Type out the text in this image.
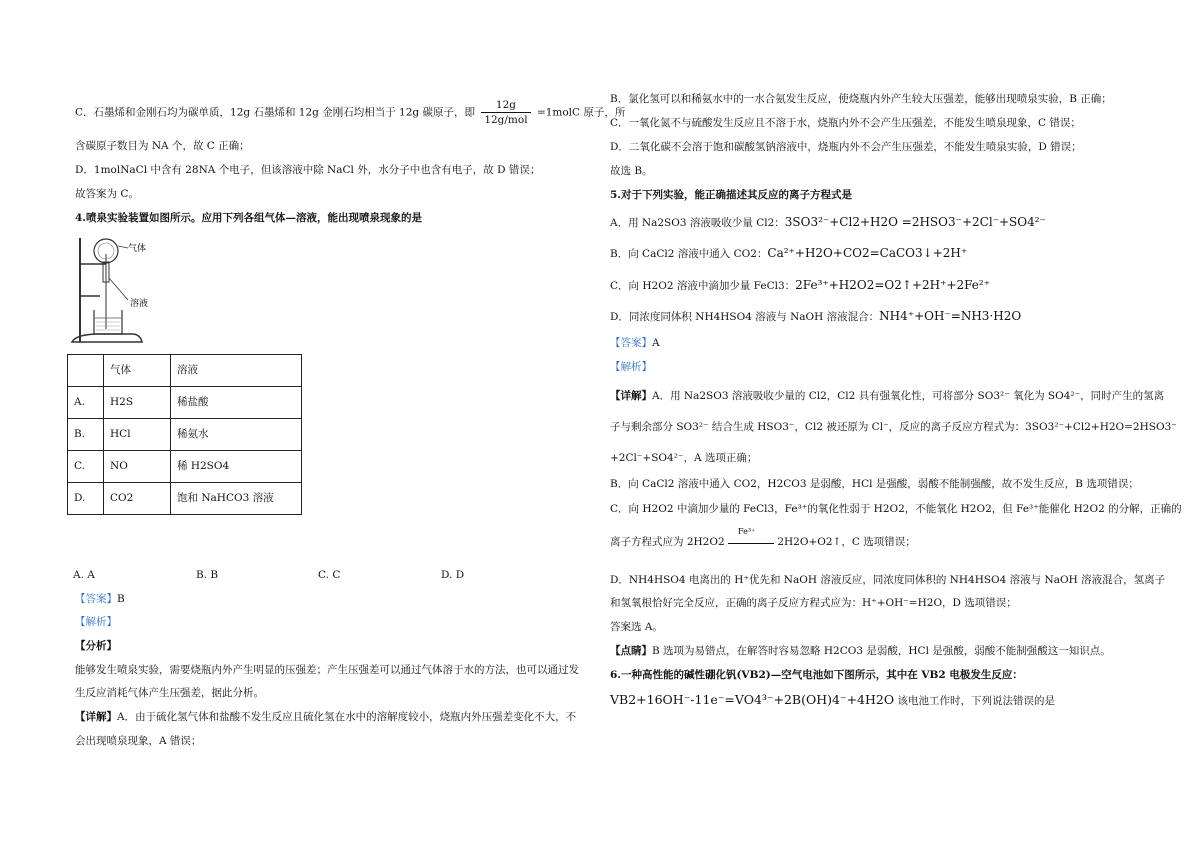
C．石墨烯和金刚石均为碳单质，12g 石墨烯和 12g 金刚石均相当于 12g 碳原子，即 $\frac{12g}{\text{12g/mol}}$ =1molC 原子，所
含碳原子数目为 NA 个，故 C 正确；
D．1molNaCl 中含有 28NA 个电子，但该溶液中除 NaCl 外，水分子中也含有电子，故 D 错误；
故答案为 C。
4.喷泉实验装置如图所示。应用下列各组气体—溶液，能出现喷泉现象的是
气体
溶液
	气体	溶液
A.	H2S	稀盐酸
B.	HCl	稀氨水
C.	NO	稀 H2SO4
D.	CO2	饱和 NaHCO3 溶液
A. A	B. B	C. C	D. D
【答案】B
【解析】
【分析】
能够发生喷泉实验，需要烧瓶内外产生明显的压强差；产生压强差可以通过气体溶于水的方法，也可以通过发
生反应消耗气体产生压强差，据此分析。
【详解】A．由于硫化氢气体和盐酸不发生反应且硫化氢在水中的溶解度较小，烧瓶内外压强差变化不大，不
会出现喷泉现象，A 错误；
B．氯化氢可以和稀氨水中的一水合氨发生反应，使烧瓶内外产生较大压强差，能够出现喷泉实验，B 正确；
C．一氧化氮不与硫酸发生反应且不溶于水，烧瓶内外不会产生压强差，不能发生喷泉现象，C 错误；
D．二氧化碳不会溶于饱和碳酸氢钠溶液中，烧瓶内外不会产生压强差，不能发生喷泉实验，D 错误；
故选 B。
5.对于下列实验，能正确描述其反应的离子方程式是
A．用 Na2SO3 溶液吸收少量 Cl2：3SO3²⁻+Cl2+H2O =2HSO3⁻+2Cl⁻+SO4²⁻
B．向 CaCl2 溶液中通入 CO2：Ca²⁺+H2O+CO2=CaCO3↓+2H⁺
C．向 H2O2 溶液中滴加少量 FeCl3：2Fe³⁺+H2O2=O2↑+2H⁺+2Fe²⁺
D．同浓度同体积 NH4HSO4 溶液与 NaOH 溶液混合：NH4⁺+OH⁻=NH3·H2O
【答案】A
【解析】
【详解】A．用 Na2SO3 溶液吸收少量的 Cl2，Cl2 具有强氧化性，可将部分 SO3²⁻ 氧化为 SO4²⁻，同时产生的氢离
子与剩余部分 SO3²⁻ 结合生成 HSO3⁻，Cl2 被还原为 Cl⁻，反应的离子反应方程式为：3SO3²⁻+Cl2+H2O=2HSO3⁻
+2Cl⁻+SO4²⁻，A 选项正确；
B．向 CaCl2 溶液中通入 CO2，H2CO3 是弱酸，HCl 是强酸，弱酸不能制强酸，故不发生反应，B 选项错误；
C．向 H2O2 中滴加少量的 FeCl3，Fe³⁺的氧化性弱于 H2O2，不能氧化 H2O2，但 Fe³⁺能催化 H2O2 的分解，正确的
离子方程式应为 2H2O2
Fe³⁺
2H2O+O2↑，C 选项错误；
D．NH4HSO4 电离出的 H⁺优先和 NaOH 溶液反应，同浓度同体积的 NH4HSO4 溶液与 NaOH 溶液混合，氢离子
和氢氧根恰好完全反应，正确的离子反应方程式应为：H⁺+OH⁻=H2O，D 选项错误；
答案选 A。
【点睛】B 选项为易错点，在解答时容易忽略 H2CO3 是弱酸，HCl 是强酸，弱酸不能制强酸这一知识点。
6.一种高性能的碱性硼化钒(VB2)—空气电池如下图所示，其中在 VB2 电极发生反应：
VB2+16OH⁻-11e⁻=VO4³⁻+2B(OH)4⁻+4H2O 该电池工作时，下列说法错误的是
